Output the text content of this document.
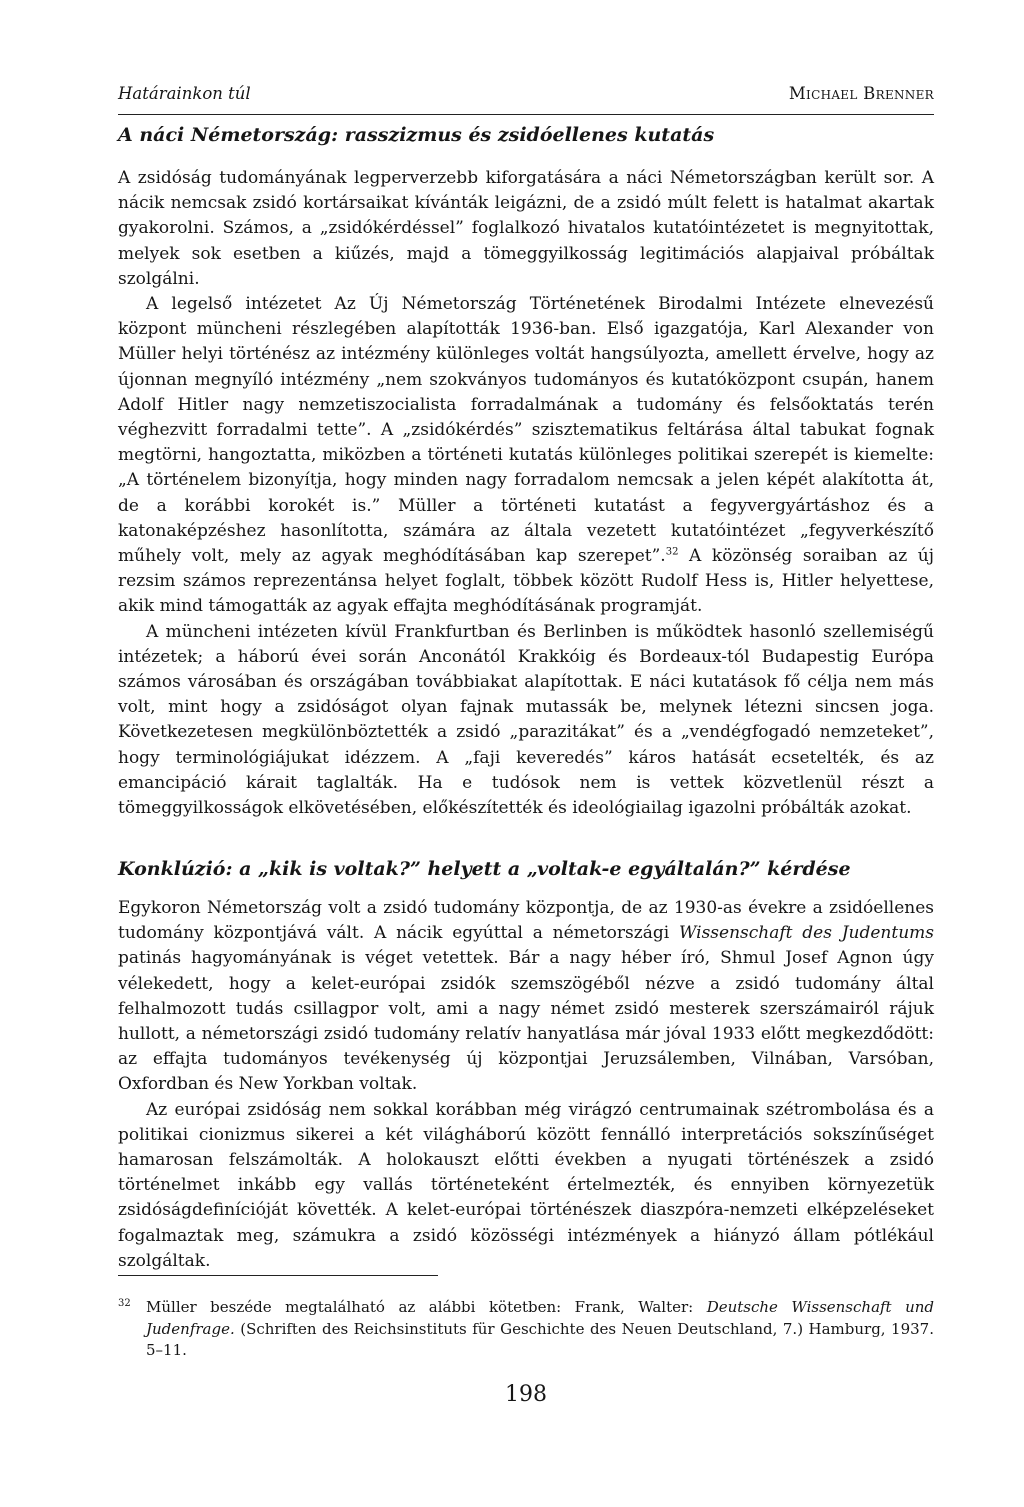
Határainkon túl	Michael Brenner
A náci Németország: rasszizmus és zsidóellenes kutatás

A zsidóság tudományának legperverzebb kiforgatására a náci Németországban került sor. A nácik nemcsak zsidó kortársaikat kívánták leigázni, de a zsidó múlt felett is hatalmat akartak gyakorolni. Számos, a „zsidókérdéssel” foglalkozó hivatalos kutatóintézetet is megnyitottak, melyek sok esetben a kiűzés, majd a tömeggyilkosság legitimációs alapjaival próbáltak szolgálni.

A legelső intézetet Az Új Németország Történetének Birodalmi Intézete elnevezésű központ müncheni részlegében alapították 1936-ban. Első igazgatója, Karl Alexander von Müller helyi történész az intézmény különleges voltát hangsúlyozta, amellett érvelve, hogy az újonnan megnyíló intézmény „nem szokványos tudományos és kutatóközpont csupán, hanem Adolf Hitler nagy nemzetiszocialista forradalmának a tudomány és felsőoktatás terén véghezvitt forradalmi tette”. A „zsidókérdés” szisztematikus feltárása által tabukat fognak megtörni, hangoztatta, miközben a történeti kutatás különleges politikai szerepét is kiemelte: „A történelem bizonyítja, hogy minden nagy forradalom nemcsak a jelen képét alakította át, de a korábbi korokét is.” Müller a történeti kutatást a fegyvergyártáshoz és a katonaképzéshez hasonlította, számára az általa vezetett kutatóintézet „fegyverkészítő műhely volt, mely az agyak meghódításában kap szerepet”.$^{32}$ A közönség soraiban az új rezsim számos reprezentánsa helyet foglalt, többek között Rudolf Hess is, Hitler helyettese, akik mind támogatták az agyak effajta meghódításának programját.

A müncheni intézeten kívül Frankfurtban és Berlinben is működtek hasonló szellemiségű intézetek; a háború évei során Anconától Krakkóig és Bordeaux-tól Budapestig Európa számos városában és országában továbbiakat alapítottak. E náci kutatások fő célja nem más volt, mint hogy a zsidóságot olyan fajnak mutassák be, melynek létezni sincsen joga. Következetesen megkülönböztették a zsidó „parazitákat” és a „vendégfogadó nemzeteket”, hogy terminológiájukat idézzem. A „faji keveredés” káros hatását ecsetelték, és az emancipáció kárait taglalták. Ha e tudósok nem is vettek közvetlenül részt a tömeggyilkosságok elkövetésében, előkészítették és ideológiailag igazolni próbálták azokat.

Konklúzió: a „kik is voltak?” helyett a „voltak-e egyáltalán?” kérdése

Egykoron Németország volt a zsidó tudomány központja, de az 1930-as évekre a zsidóellenes tudomány központjává vált. A nácik egyúttal a németországi Wissenschaft des Judentums patinás hagyományának is véget vetettek. Bár a nagy héber író, Shmul Josef Agnon úgy vélekedett, hogy a kelet-európai zsidók szemszögéből nézve a zsidó tudomány által felhalmozott tudás csillagpor volt, ami a nagy német zsidó mesterek szerszámairól rájuk hullott, a németországi zsidó tudomány relatív hanyatlása már jóval 1933 előtt megkezdődött: az effajta tudományos tevékenység új központjai Jeruzsálemben, Vilnában, Varsóban, Oxfordban és New Yorkban voltak.

Az európai zsidóság nem sokkal korábban még virágzó centrumainak szétrombolása és a politikai cionizmus sikerei a két világháború között fennálló interpretációs sokszínűséget hamarosan felszámolták. A holokauszt előtti években a nyugati történészek a zsidó történelmet inkább egy vallás történeteként értelmezték, és ennyiben környezetük zsidóságdefinícióját követték. A kelet-európai történészek diaszpóra-nemzeti elképzeléseket fogalmaztak meg, számukra a zsidó közösségi intézmények a hiányzó állam pótlékául szolgáltak.

32 Müller beszéde megtalálható az alábbi kötetben: Frank, Walter: Deutsche Wissenschaft und Judenfrage. (Schriften des Reichsinstituts für Geschichte des Neuen Deutschland, 7.) Hamburg, 1937. 5–11.
198
